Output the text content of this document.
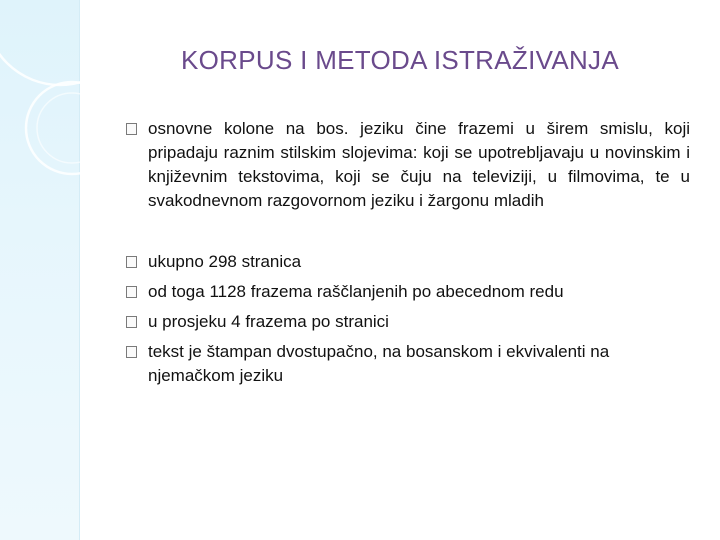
KORPUS I METODA ISTRAŽIVANJA
osnovne kolone na bos. jeziku čine frazemi u širem smislu, koji pripadaju raznim stilskim slojevima: koji se upotrebljavaju u novinskim i književnim tekstovima, koji se čuju na televiziji, u filmovima, te u svakodnevnom razgovornom jeziku i žargonu mladih
ukupno 298 stranica
od toga 1128 frazema raščlanjenih po abecednom redu
u prosjeku 4 frazema po stranici
tekst je štampan dvostupačno, na bosanskom i ekvivalenti na njemačkom jeziku
